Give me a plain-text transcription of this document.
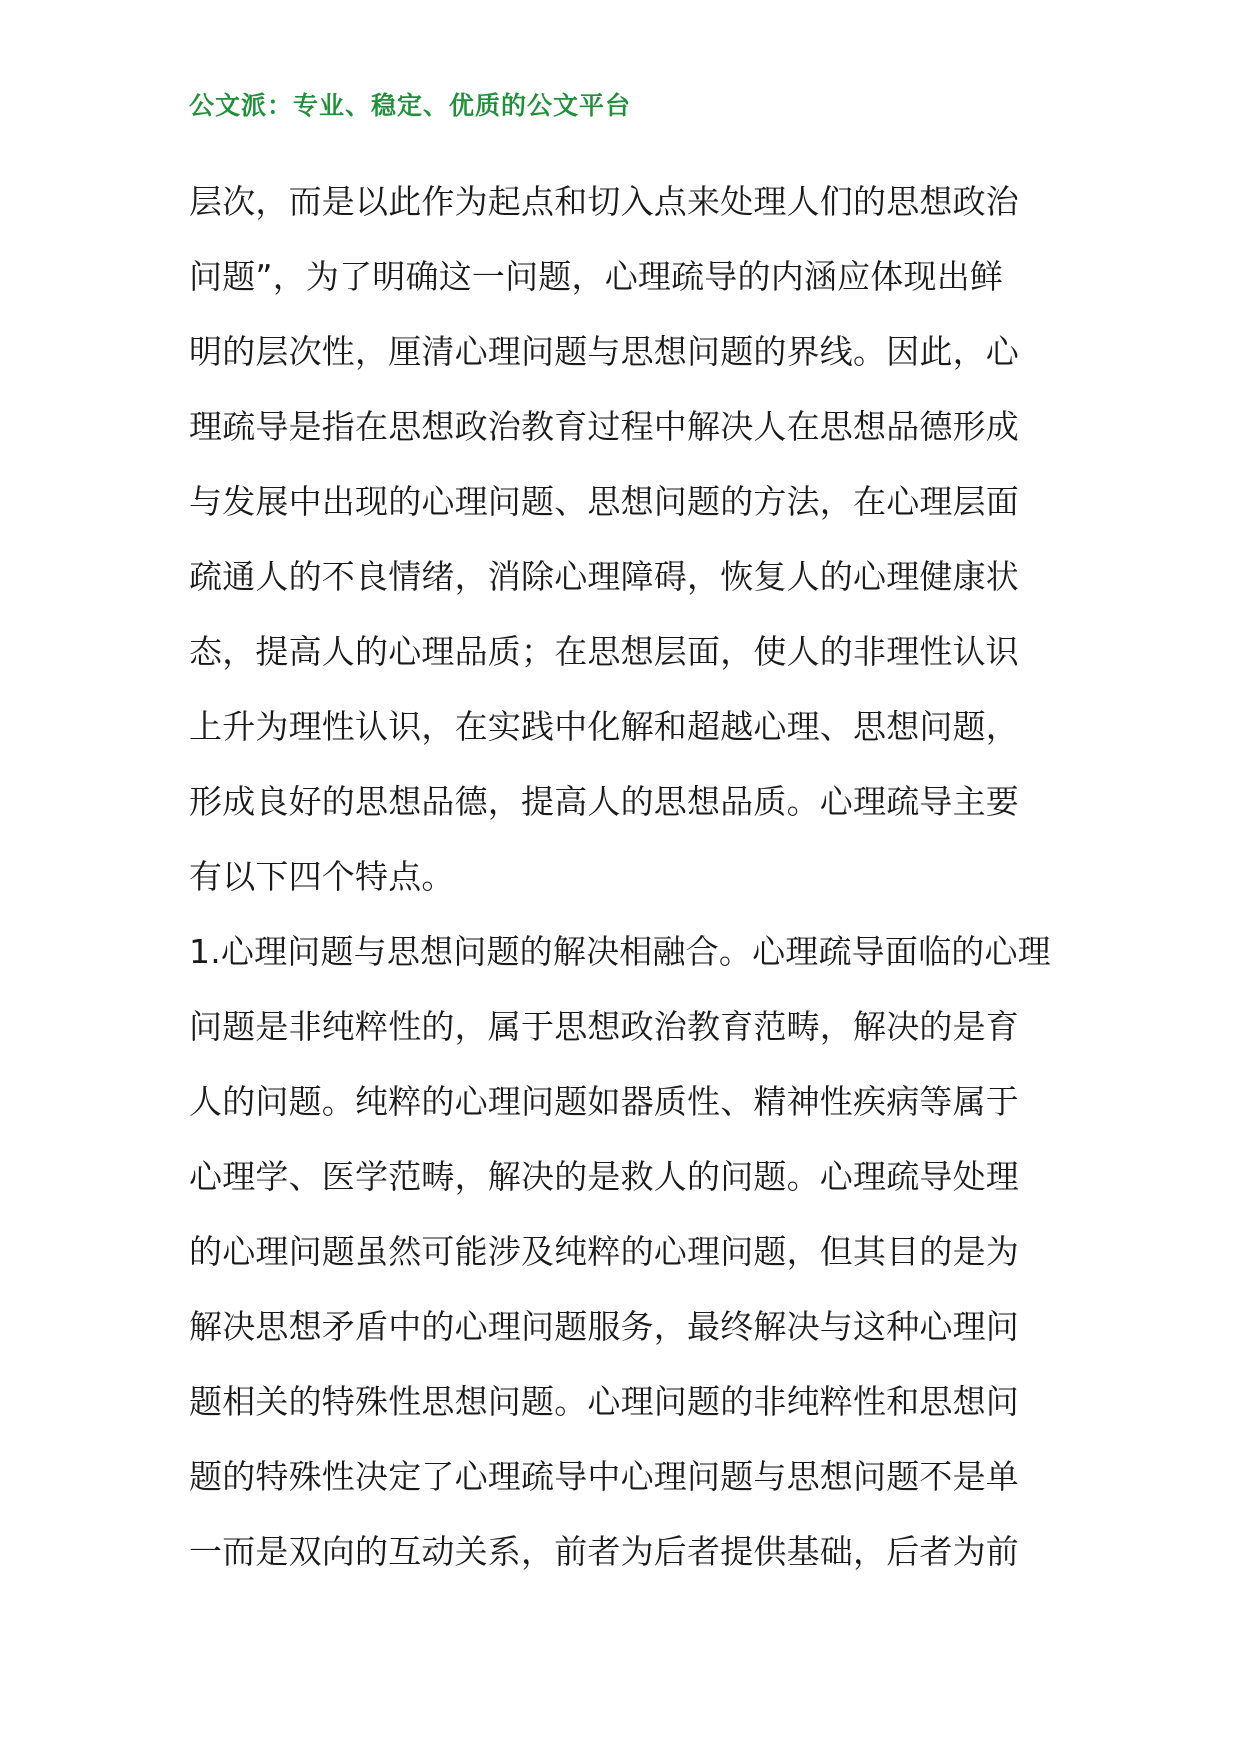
公文派：专业、稳定、优质的公文平台
层次，而是以此作为起点和切入点来处理人们的思想政治
问题”，为了明确这一问题，心理疏导的内涵应体现出鲜
明的层次性，厘清心理问题与思想问题的界线。因此，心
理疏导是指在思想政治教育过程中解决人在思想品德形成
与发展中出现的心理问题、思想问题的方法，在心理层面
疏通人的不良情绪，消除心理障碍，恢复人的心理健康状
态，提高人的心理品质；在思想层面，使人的非理性认识
上升为理性认识，在实践中化解和超越心理、思想问题，
形成良好的思想品德，提高人的思想品质。心理疏导主要
有以下四个特点。
1.心理问题与思想问题的解决相融合。心理疏导面临的心理
问题是非纯粹性的，属于思想政治教育范畴，解决的是育
人的问题。纯粹的心理问题如器质性、精神性疾病等属于
心理学、医学范畴，解决的是救人的问题。心理疏导处理
的心理问题虽然可能涉及纯粹的心理问题，但其目的是为
解决思想矛盾中的心理问题服务，最终解决与这种心理问
题相关的特殊性思想问题。心理问题的非纯粹性和思想问
题的特殊性决定了心理疏导中心理问题与思想问题不是单
一而是双向的互动关系，前者为后者提供基础，后者为前
